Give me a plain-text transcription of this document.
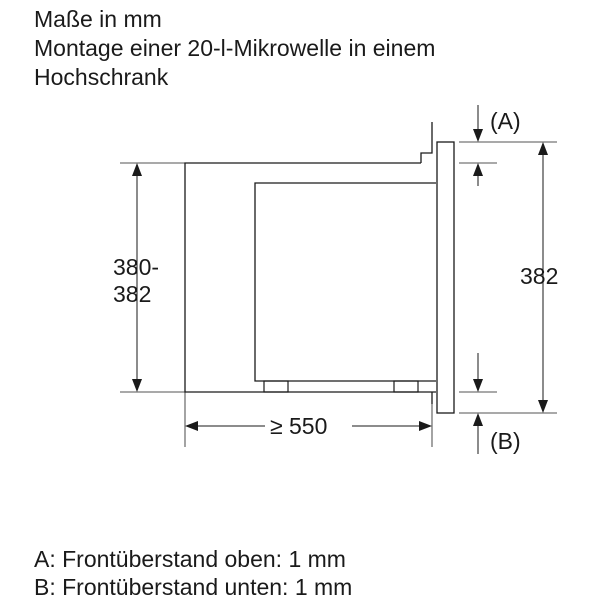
Maße in mm
Montage einer 20-l-Mikrowelle in einem
Hochschrank
380-
382
382
≥ 550
(A)
(B)
A: Frontüberstand oben: 1 mm
B: Frontüberstand unten: 1 mm
